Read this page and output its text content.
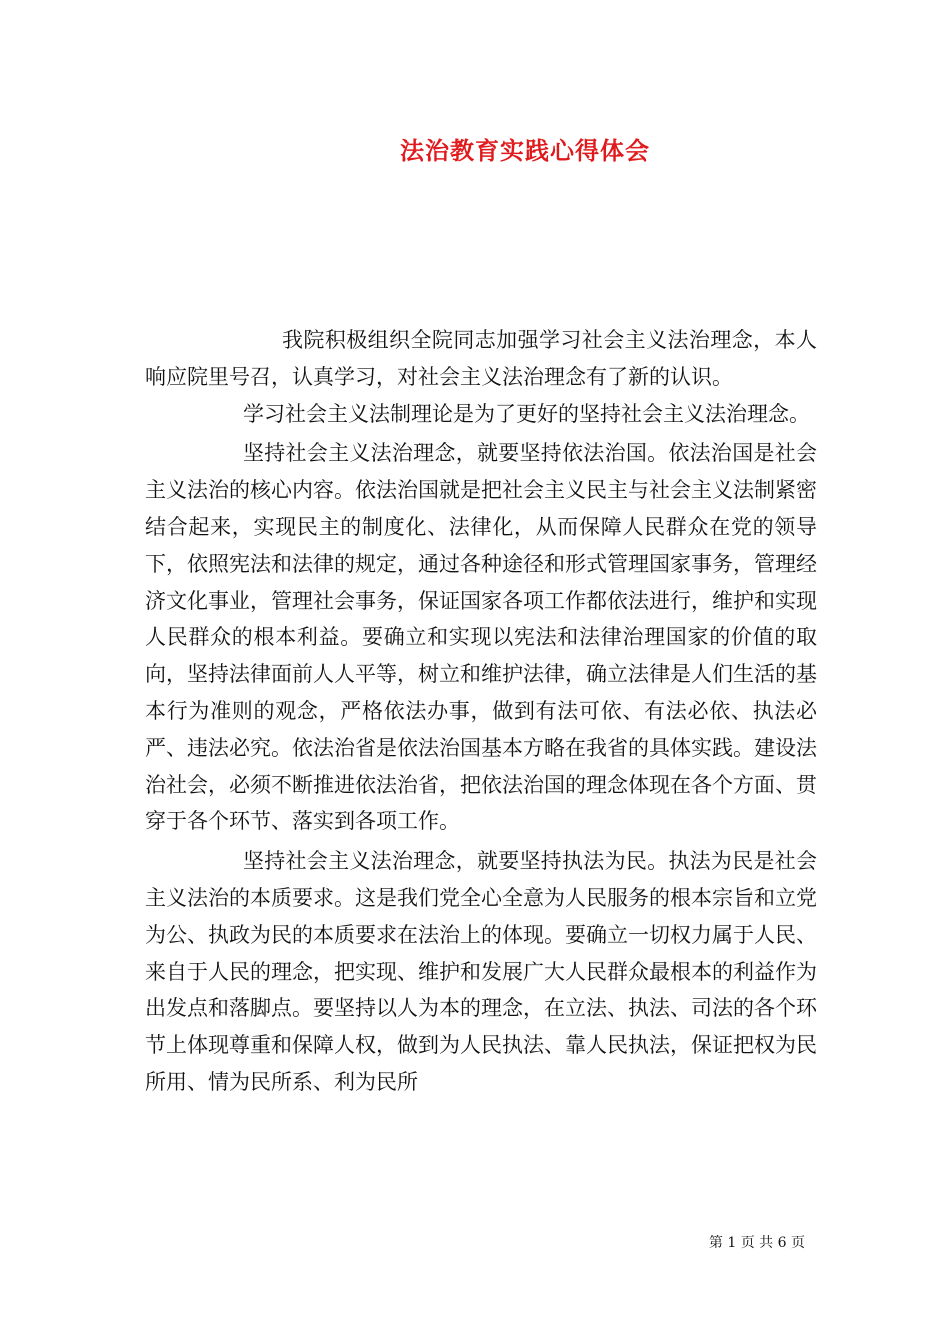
法治教育实践心得体会

我院积极组织全院同志加强学习社会主义法治理念，本人响应院里号召，认真学习，对社会主义法治理念有了新的认识。

学习社会主义法制理论是为了更好的坚持社会主义法治理念。

坚持社会主义法治理念，就要坚持依法治国。依法治国是社会主义法治的核心内容。依法治国就是把社会主义民主与社会主义法制紧密结合起来，实现民主的制度化、法律化，从而保障人民群众在党的领导下，依照宪法和法律的规定，通过各种途径和形式管理国家事务，管理经济文化事业，管理社会事务，保证国家各项工作都依法进行，维护和实现人民群众的根本利益。要确立和实现以宪法和法律治理国家的价值的取向，坚持法律面前人人平等，树立和维护法律，确立法律是人们生活的基本行为准则的观念，严格依法办事，做到有法可依、有法必依、执法必严、违法必究。依法治省是依法治国基本方略在我省的具体实践。建设法治社会，必须不断推进依法治省，把依法治国的理念体现在各个方面、贯穿于各个环节、落实到各项工作。

坚持社会主义法治理念，就要坚持执法为民。执法为民是社会主义法治的本质要求。这是我们党全心全意为人民服务的根本宗旨和立党为公、执政为民的本质要求在法治上的体现。要确立一切权力属于人民、来自于人民的理念，把实现、维护和发展广大人民群众最根本的利益作为出发点和落脚点。要坚持以人为本的理念，在立法、执法、司法的各个环节上体现尊重和保障人权，做到为人民执法、靠人民执法，保证把权为民所用、情为民所系、利为民所

第 1 页 共 6 页
